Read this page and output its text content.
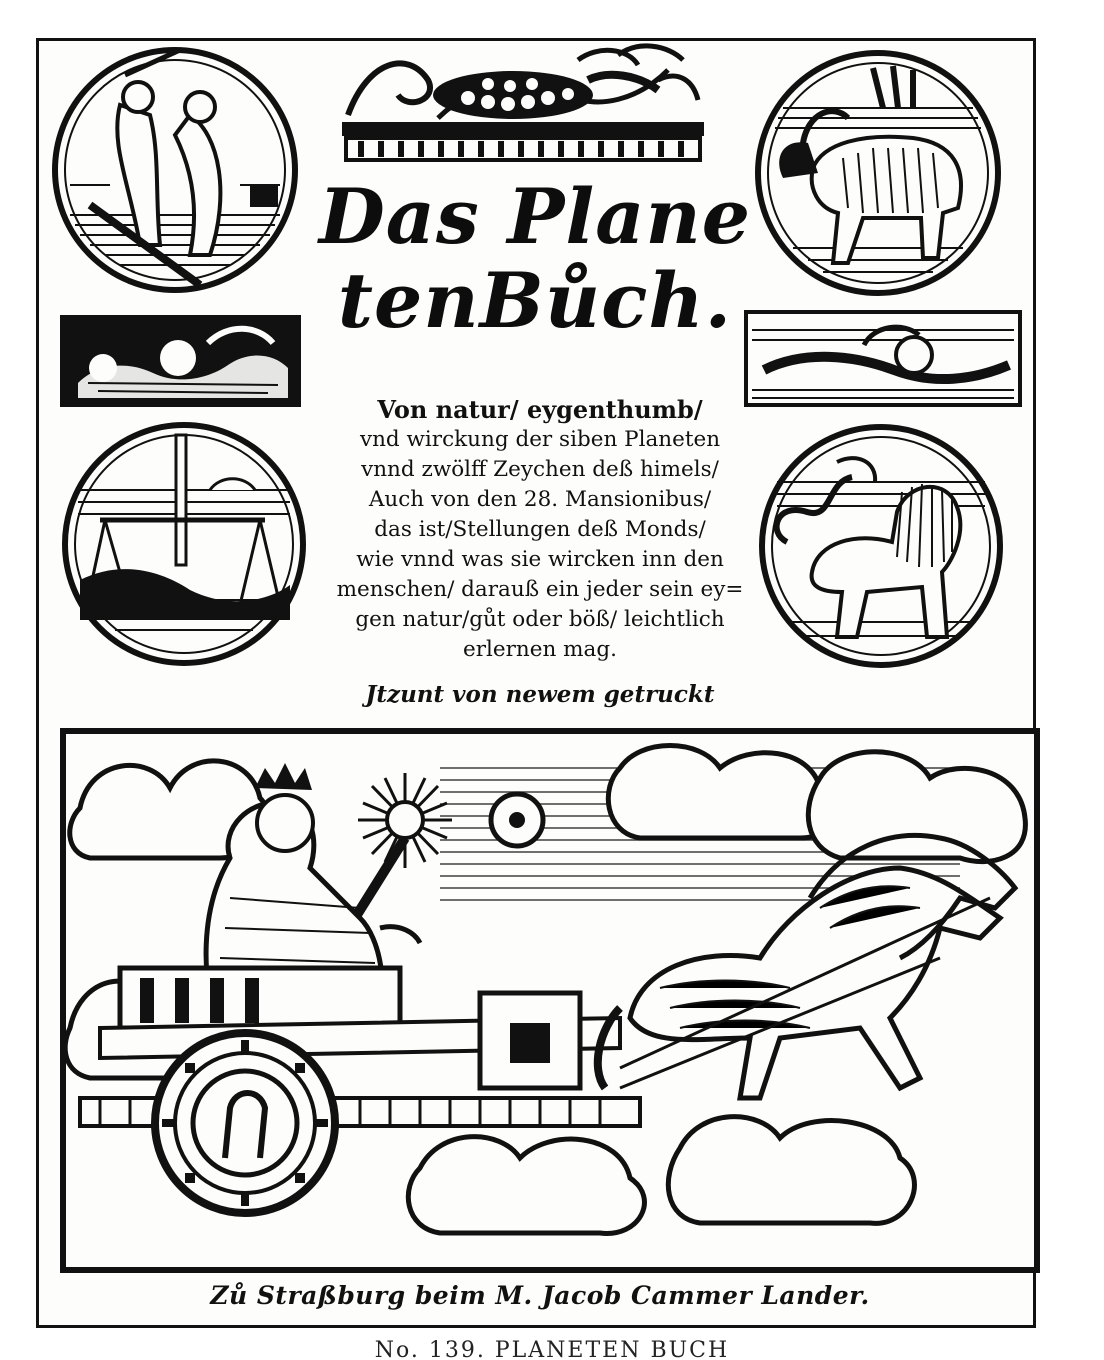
Das Plane

tenBůch.

Von natur/ eygenthumb/

vnd wirckung der siben Planeten

vnnd zwölff Zeychen deß himels/

Auch von den 28. Mansionibus/

das ist/Stellungen deß Monds/

wie vnnd was sie wircken inn den

menschen/ darauß ein jeder sein ey=

gen natur/gůt oder böß/ leichtlich

erlernen mag.

Jtzunt von newem getruckt
Zů Straßburg beim M. Jacob Cammer Lander.
No. 139. PLANETEN BUCH
